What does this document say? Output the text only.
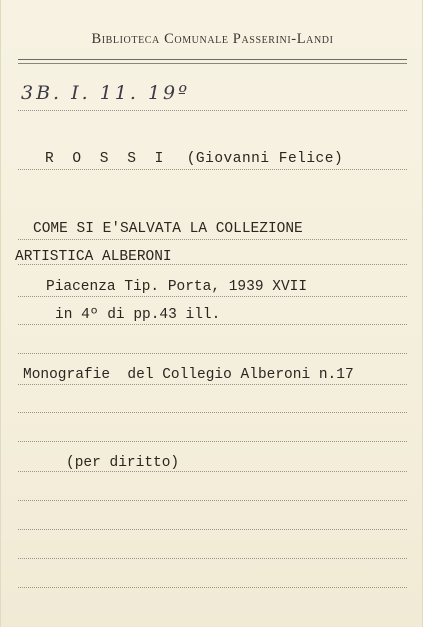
Biblioteca Comunale Passerini-Landi
3B. I. 11. 19º
R O S S I (Giovanni Felice)
COME SI E'SALVATA LA COLLEZIONE
ARTISTICA ALBERONI
Piacenza Tip. Porta, 1939 XVII
in 4º di pp.43 ill.
Monografie  del Collegio Alberoni n.17
(per diritto)
